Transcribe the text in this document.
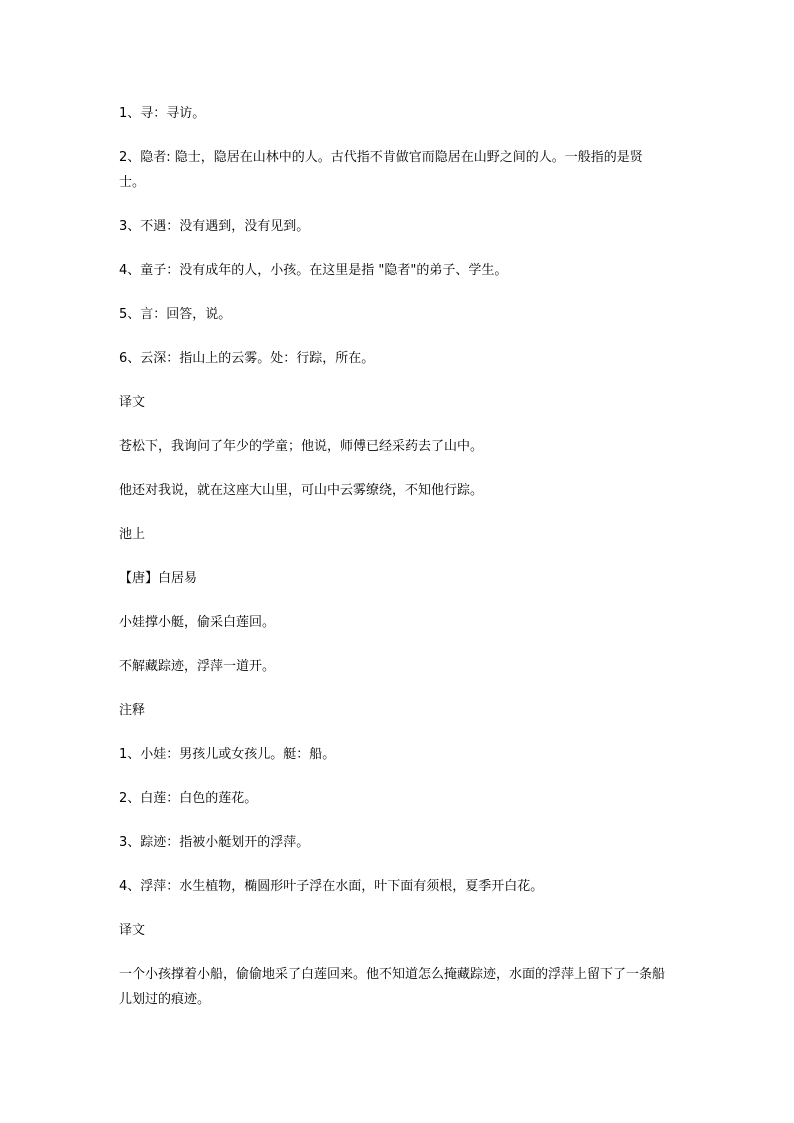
1、寻：寻访。

2、隐者: 隐士，隐居在山林中的人。古代指不肯做官而隐居在山野之间的人。一般指的是贤士。

3、不遇：没有遇到，没有见到。

4、童子：没有成年的人，小孩。在这里是指 "隐者"的弟子、学生。

5、言：回答，说。

6、云深：指山上的云雾。处：行踪，所在。

译文

苍松下，我询问了年少的学童；他说，师傅已经采药去了山中。

他还对我说，就在这座大山里，可山中云雾缭绕，不知他行踪。

池上

【唐】白居易

小娃撑小艇，偷采白莲回。

不解藏踪迹，浮萍一道开。

注释

1、小娃：男孩儿或女孩儿。艇：船。

2、白莲：白色的莲花。

3、踪迹：指被小艇划开的浮萍。

4、浮萍：水生植物，椭圆形叶子浮在水面，叶下面有须根，夏季开白花。

译文

一个小孩撑着小船，偷偷地采了白莲回来。他不知道怎么掩藏踪迹，水面的浮萍上留下了一条船儿划过的痕迹。
